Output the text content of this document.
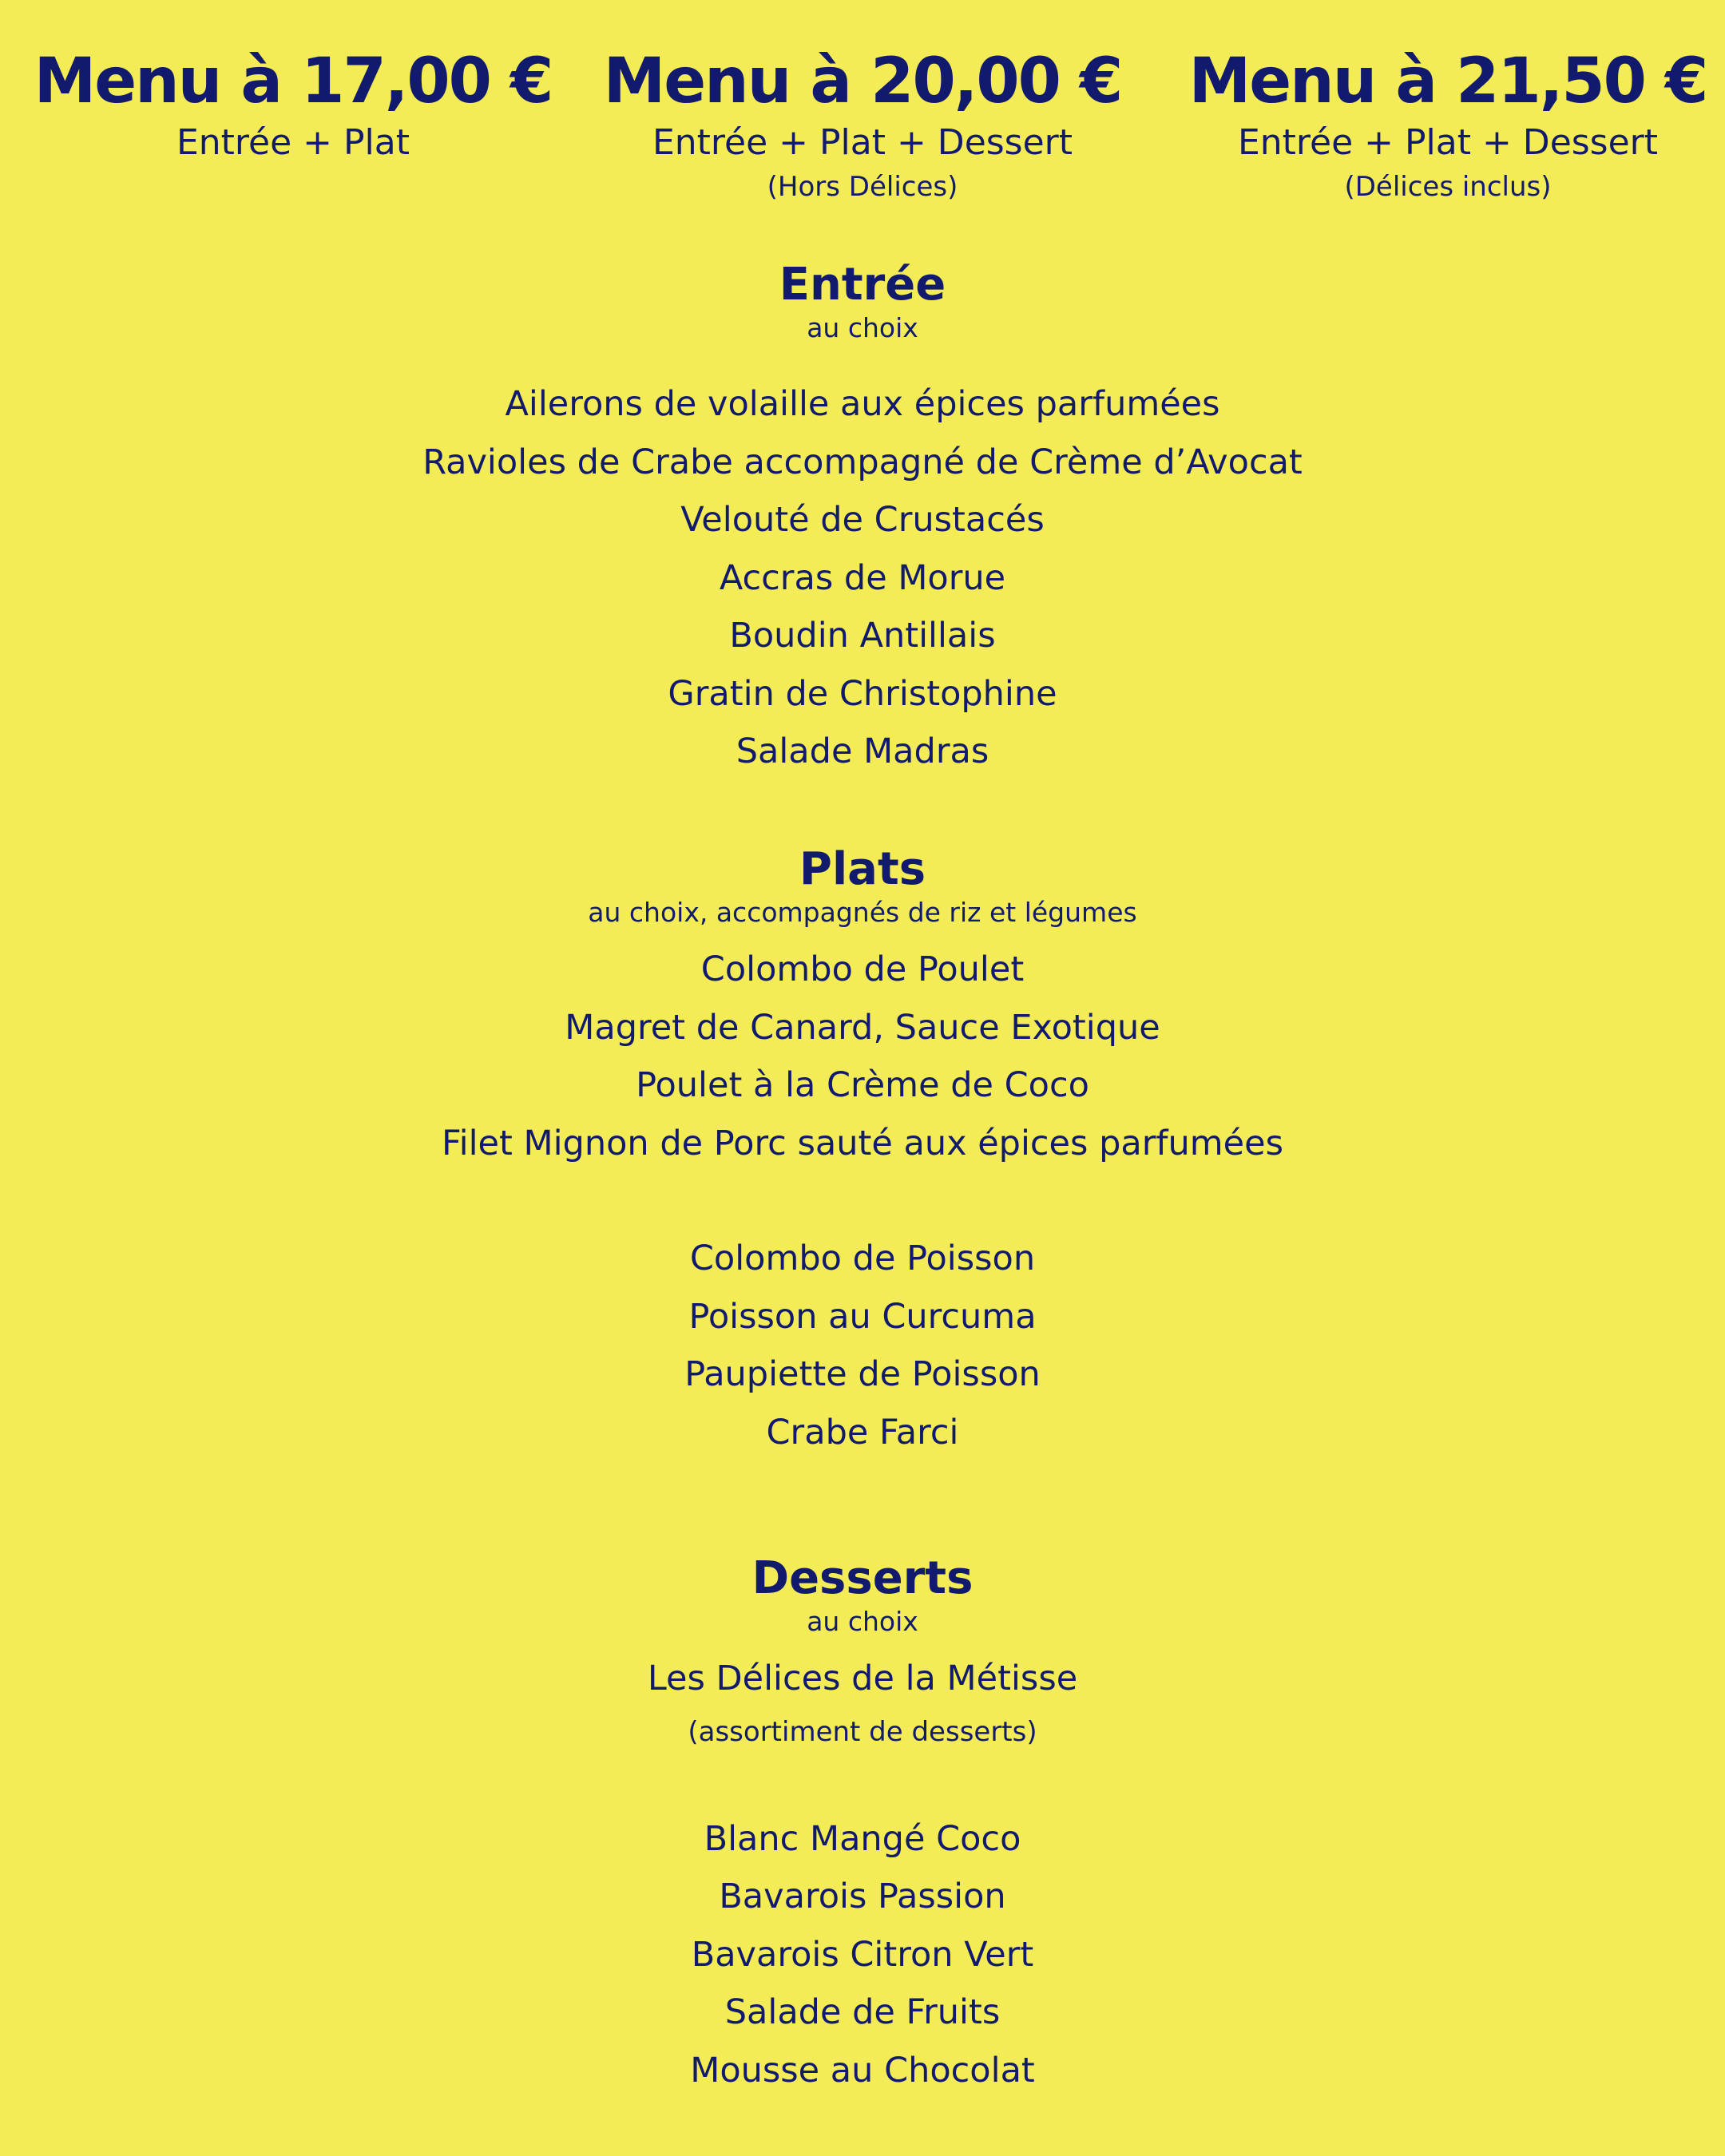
Menu à 17,00 €
Entrée + Plat
Menu à 20,00 €
Entrée + Plat + Dessert
(Hors Délices)
Menu à 21,50 €
Entrée + Plat + Dessert
(Délices inclus)
Entrée
au choix
Ailerons de volaille aux épices parfumées
Ravioles de Crabe accompagné de Crème d’Avocat
Velouté de Crustacés
Accras de Morue
Boudin Antillais
Gratin de Christophine
Salade Madras
Plats
au choix, accompagnés de riz et légumes
Colombo de Poulet
Magret de Canard, Sauce Exotique
Poulet à la Crème de Coco
Filet Mignon de Porc sauté aux épices parfumées
Colombo de Poisson
Poisson au Curcuma
Paupiette de Poisson
Crabe Farci
Desserts
au choix
Les Délices de la Métisse
(assortiment de desserts)
Blanc Mangé Coco
Bavarois Passion
Bavarois Citron Vert
Salade de Fruits
Mousse au Chocolat
